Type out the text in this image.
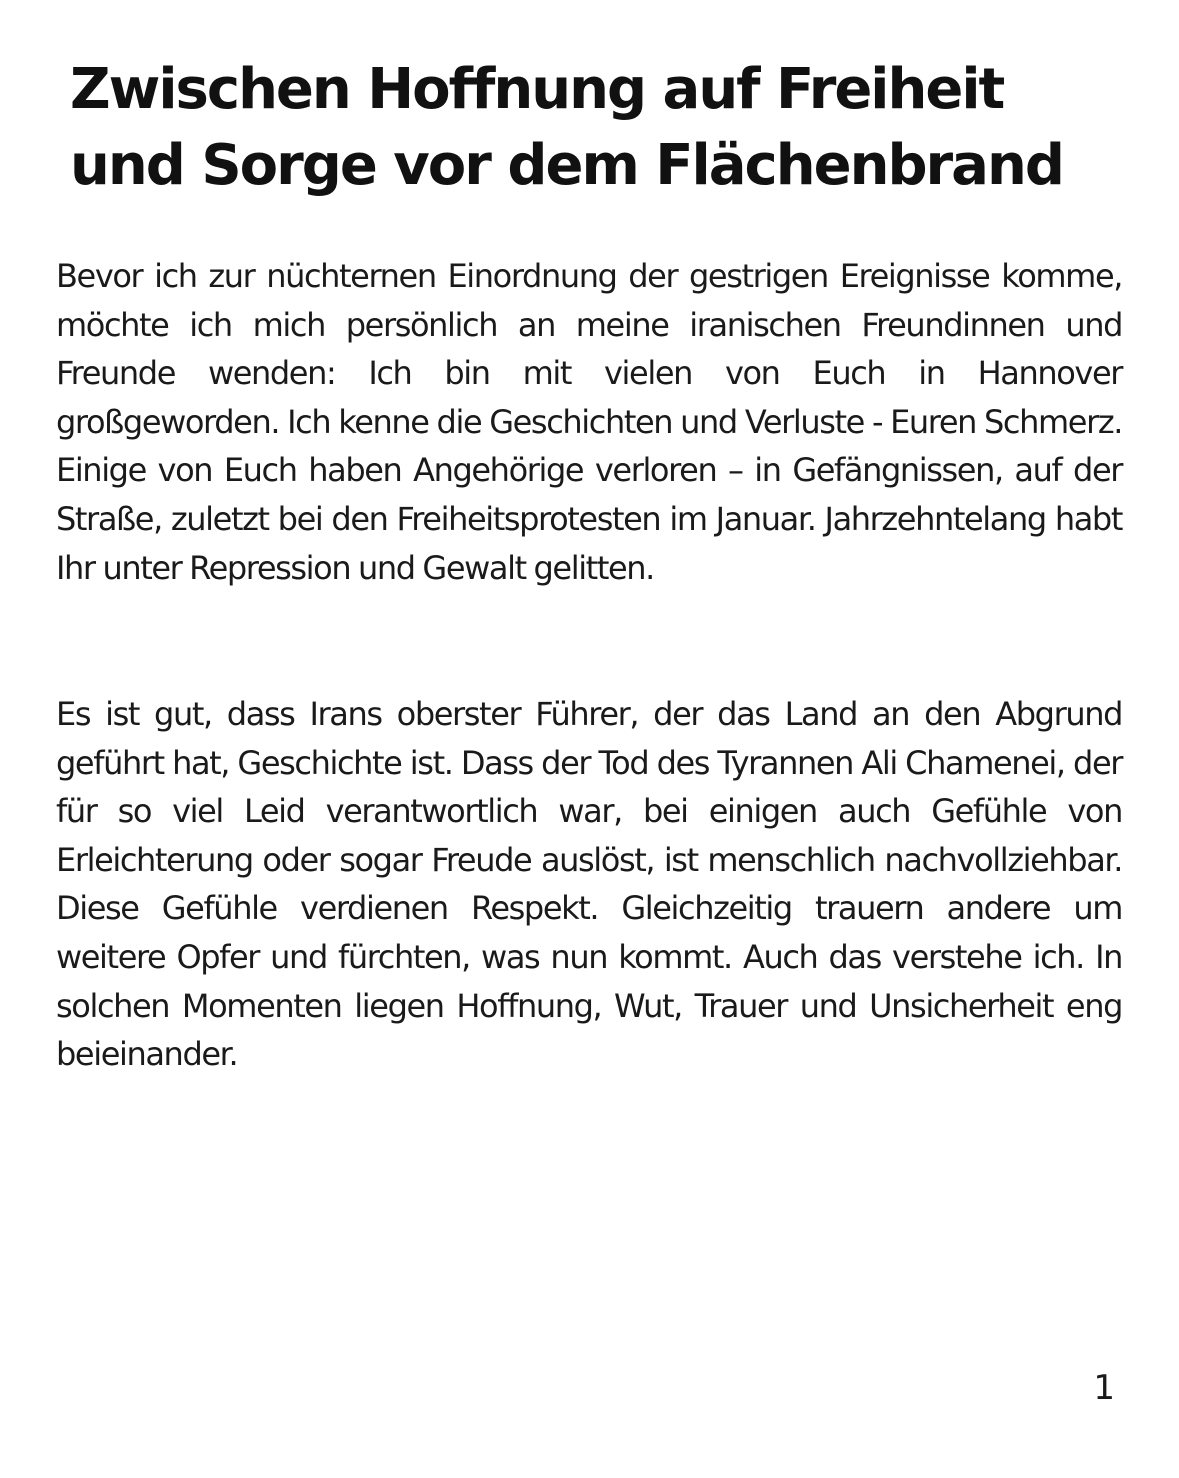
Zwischen Hoffnung auf Freiheit
und Sorge vor dem Flächenbrand

Bevor ich zur nüchternen Einordnung der gestrigen Ereignisse komme, möchte ich mich persönlich an meine iranischen Freundinnen und Freunde wenden: Ich bin mit vielen von Euch in Hannover großgeworden. Ich kenne die Geschichten und Verluste - Euren Schmerz. Einige von Euch haben Angehörige verloren – in Gefängnissen, auf der Straße, zuletzt bei den Freiheitsprotesten im Januar. Jahrzehntelang habt Ihr unter Repression und Gewalt gelitten.

Es ist gut, dass Irans oberster Führer, der das Land an den Abgrund geführt hat, Geschichte ist. Dass der Tod des Tyrannen Ali Chamenei, der für so viel Leid verantwortlich war, bei einigen auch Gefühle von Erleichterung oder sogar Freude auslöst, ist menschlich nachvollziehbar. Diese Gefühle verdienen Respekt. Gleichzeitig trauern andere um weitere Opfer und fürchten, was nun kommt. Auch das verstehe ich. In solchen Momenten liegen Hoffnung, Wut, Trauer und Unsicherheit eng beieinander.

1
